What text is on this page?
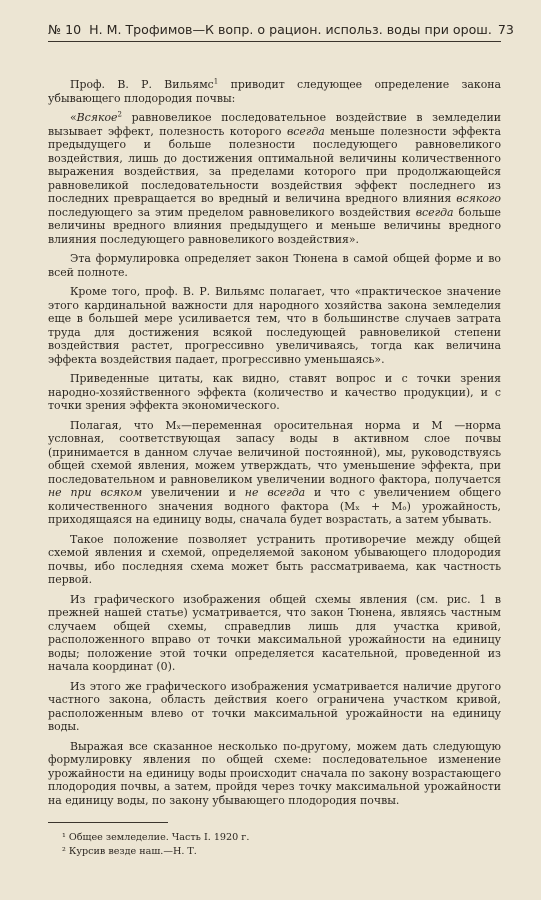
№ 10 Н. М. Трофимов—К вопр. о рацион. использ. воды при орош. 73

Проф. В. Р. Вильямс$^1$ приводит следующее определение закона убывающего плодородия почвы:

«Всякое$^2$ равновеликое последовательное воздействие в земледелии вызывает эффект, полезность которого всегда меньше полезности эффекта предыдущего и больше полезности последующего равновеликого воздействия, лишь до достижения оптимальной величины количественного выражения воздействия, за пределами которого при продолжающейся равновеликой последовательности воздействия эффект последнего из последних превращается во вредный и величина вредного влияния всякого последующего за этим пределом равновеликого воздействия всегда больше величины вредного влияния предыдущего и меньше величины вредного влияния последующего равновеликого воздействия».

Эта формулировка определяет закон Тюнена в самой общей форме и во всей полноте.

Кроме того, проф. В. Р. Вильямс полагает, что «практическое значение этого кардинальной важности для народного хозяйства закона земледелия еще в большей мере усиливается тем, что в большинстве случаев затрата труда для достижения всякой последующей равновеликой степени воздействия растет, прогрессивно увеличиваясь, тогда как величина эффекта воздействия падает, прогрессивно уменьшаясь».

Приведенные цитаты, как видно, ставят вопрос и с точки зрения народно-хозяйственного эффекта (количество и качество продукции), и с точки зрения эффекта экономического.

Полагая, что Mₓ—переменная оросительная норма и M —норма условная, соответствующая запасу воды в активном слое почвы (принимается в данном случае величиной постоянной), мы, руководствуясь общей схемой явления, можем утверждать, что уменьшение эффекта, при последовательном и равновеликом увеличении водного фактора, получается не при всяком увеличении и не всегда и что с увеличением общего количественного значения водного фактора (Mₓ + Mₒ) урожайность, приходящаяся на единицу воды, сначала будет возрастать, а затем убывать.

Такое положение позволяет устранить противоречие между общей схемой явления и схемой, определяемой законом убывающего плодородия почвы, ибо последняя схема может быть рассматриваема, как частность первой.

Из графического изображения общей схемы явления (см. рис. 1 в прежней нашей статье) усматривается, что закон Тюнена, являясь частным случаем общей схемы, справедлив лишь для участка кривой, расположенного вправо от точки максимальной урожайности на единицу воды; положение этой точки определяется касательной, проведенной из начала координат (0).

Из этого же графического изображения усматривается наличие другого частного закона, область действия коего ограничена участком кривой, расположенным влево от точки максимальной урожайности на единицу воды.

Выражая все сказанное несколько по-другому, можем дать следующую формулировку явления по общей схеме: последовательное изменение урожайности на единицу воды происходит сначала по закону возрастающего плодородия почвы, а затем, пройдя через точку максимальной урожайности на единицу воды, по закону убывающего плодородия почвы.

¹ Общее земледелие. Часть I. 1920 г.

² Курсив везде наш.—Н. Т.
